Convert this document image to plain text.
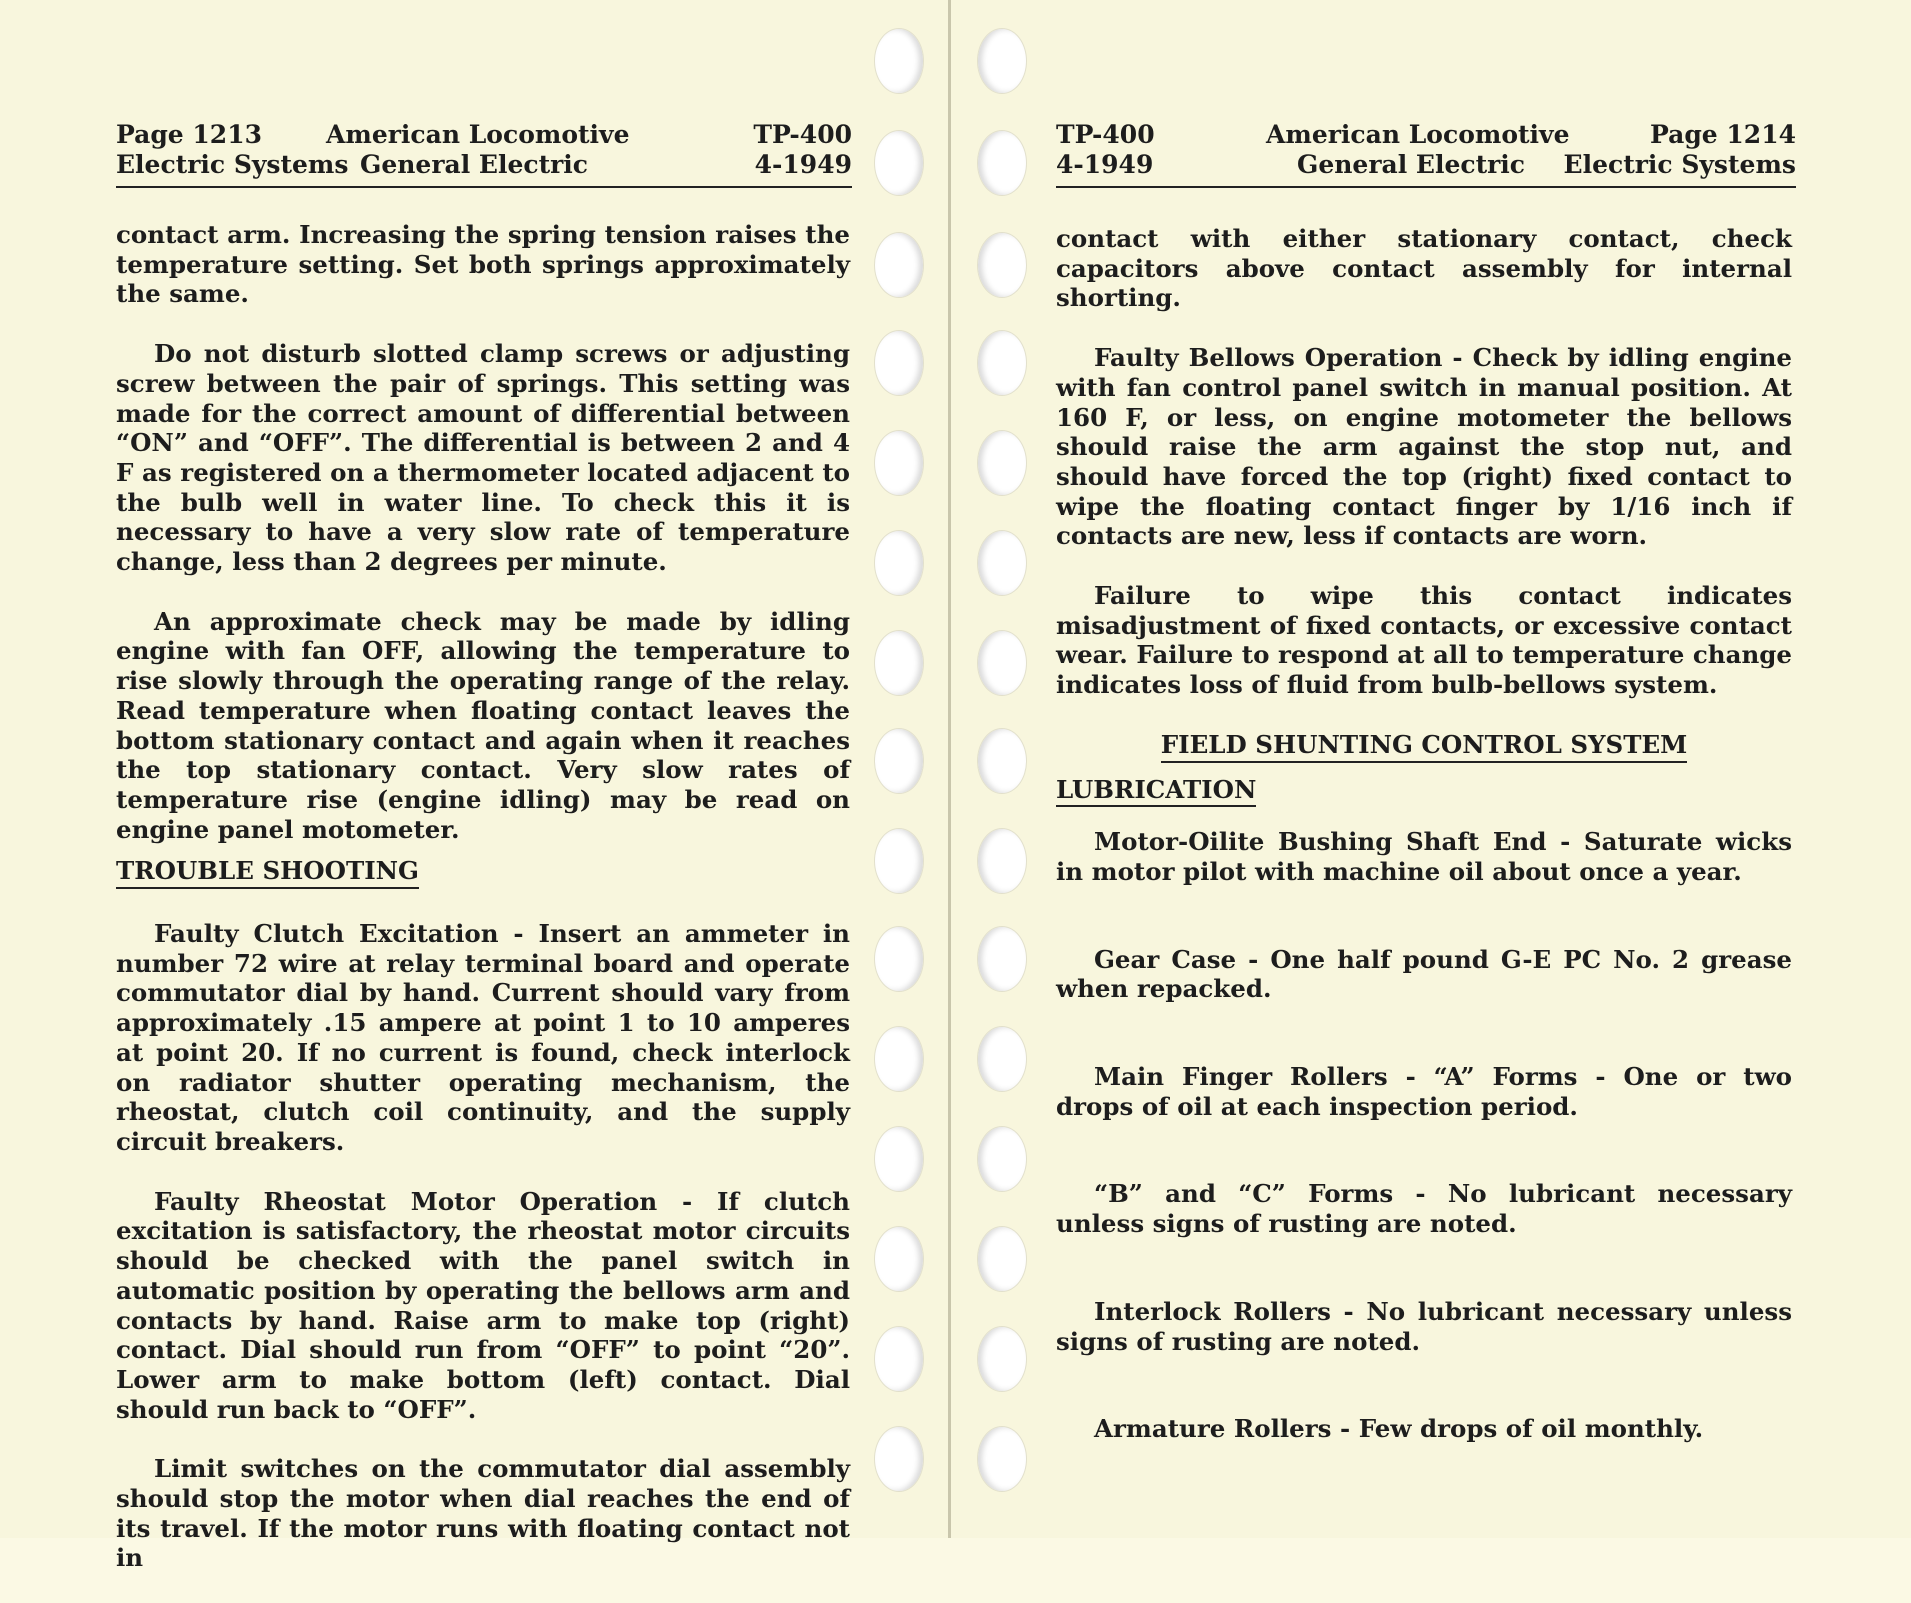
Page 1213	American Locomotive	TP-400
Electric Systems General Electric	4-1949

contact arm. Increasing the spring tension raises the temperature setting. Set both springs approximately the same.

Do not disturb slotted clamp screws or adjusting screw between the pair of springs. This setting was made for the correct amount of differential between “ON” and “OFF”. The differential is between 2 and 4 F as registered on a thermometer located adjacent to the bulb well in water line. To check this it is necessary to have a very slow rate of temperature change, less than 2 degrees per minute.

An approximate check may be made by idling engine with fan OFF, allowing the temperature to rise slowly through the operating range of the relay. Read temperature when floating contact leaves the bottom stationary contact and again when it reaches the top stationary contact. Very slow rates of temperature rise (engine idling) may be read on engine panel motometer.

TROUBLE SHOOTING

Faulty Clutch Excitation - Insert an ammeter in number 72 wire at relay terminal board and operate commutator dial by hand. Current should vary from approximately .15 ampere at point 1 to 10 amperes at point 20. If no current is found, check interlock on radiator shutter operating mechanism, the rheostat, clutch coil continuity, and the supply circuit breakers.

Faulty Rheostat Motor Operation - If clutch excitation is satisfactory, the rheostat motor circuits should be checked with the panel switch in automatic position by operating the bellows arm and contacts by hand. Raise arm to make top (right) contact. Dial should run from “OFF” to point “20”. Lower arm to make bottom (left) contact. Dial should run back to “OFF”.

Limit switches on the commutator dial assembly should stop the motor when dial reaches the end of its travel. If the motor runs with floating contact not in

TP-400	American Locomotive	Page 1214
4-1949	General Electric Electric Systems

contact with either stationary contact, check capacitors above contact assembly for internal shorting.

Faulty Bellows Operation - Check by idling engine with fan control panel switch in manual position. At 160 F, or less, on engine motometer the bellows should raise the arm against the stop nut, and should have forced the top (right) fixed contact to wipe the floating contact finger by 1/16 inch if contacts are new, less if contacts are worn.

Failure to wipe this contact indicates misadjustment of fixed contacts, or excessive contact wear. Failure to respond at all to temperature change indicates loss of fluid from bulb-bellows system.

FIELD SHUNTING CONTROL SYSTEM
LUBRICATION

Motor-Oilite Bushing Shaft End - Saturate wicks in motor pilot with machine oil about once a year.

Gear Case - One half pound G-E PC No. 2 grease when repacked.

Main Finger Rollers - “A” Forms - One or two drops of oil at each inspection period.

“B” and “C” Forms - No lubricant necessary unless signs of rusting are noted.

Interlock Rollers - No lubricant necessary unless signs of rusting are noted.

Armature Rollers - Few drops of oil monthly.
